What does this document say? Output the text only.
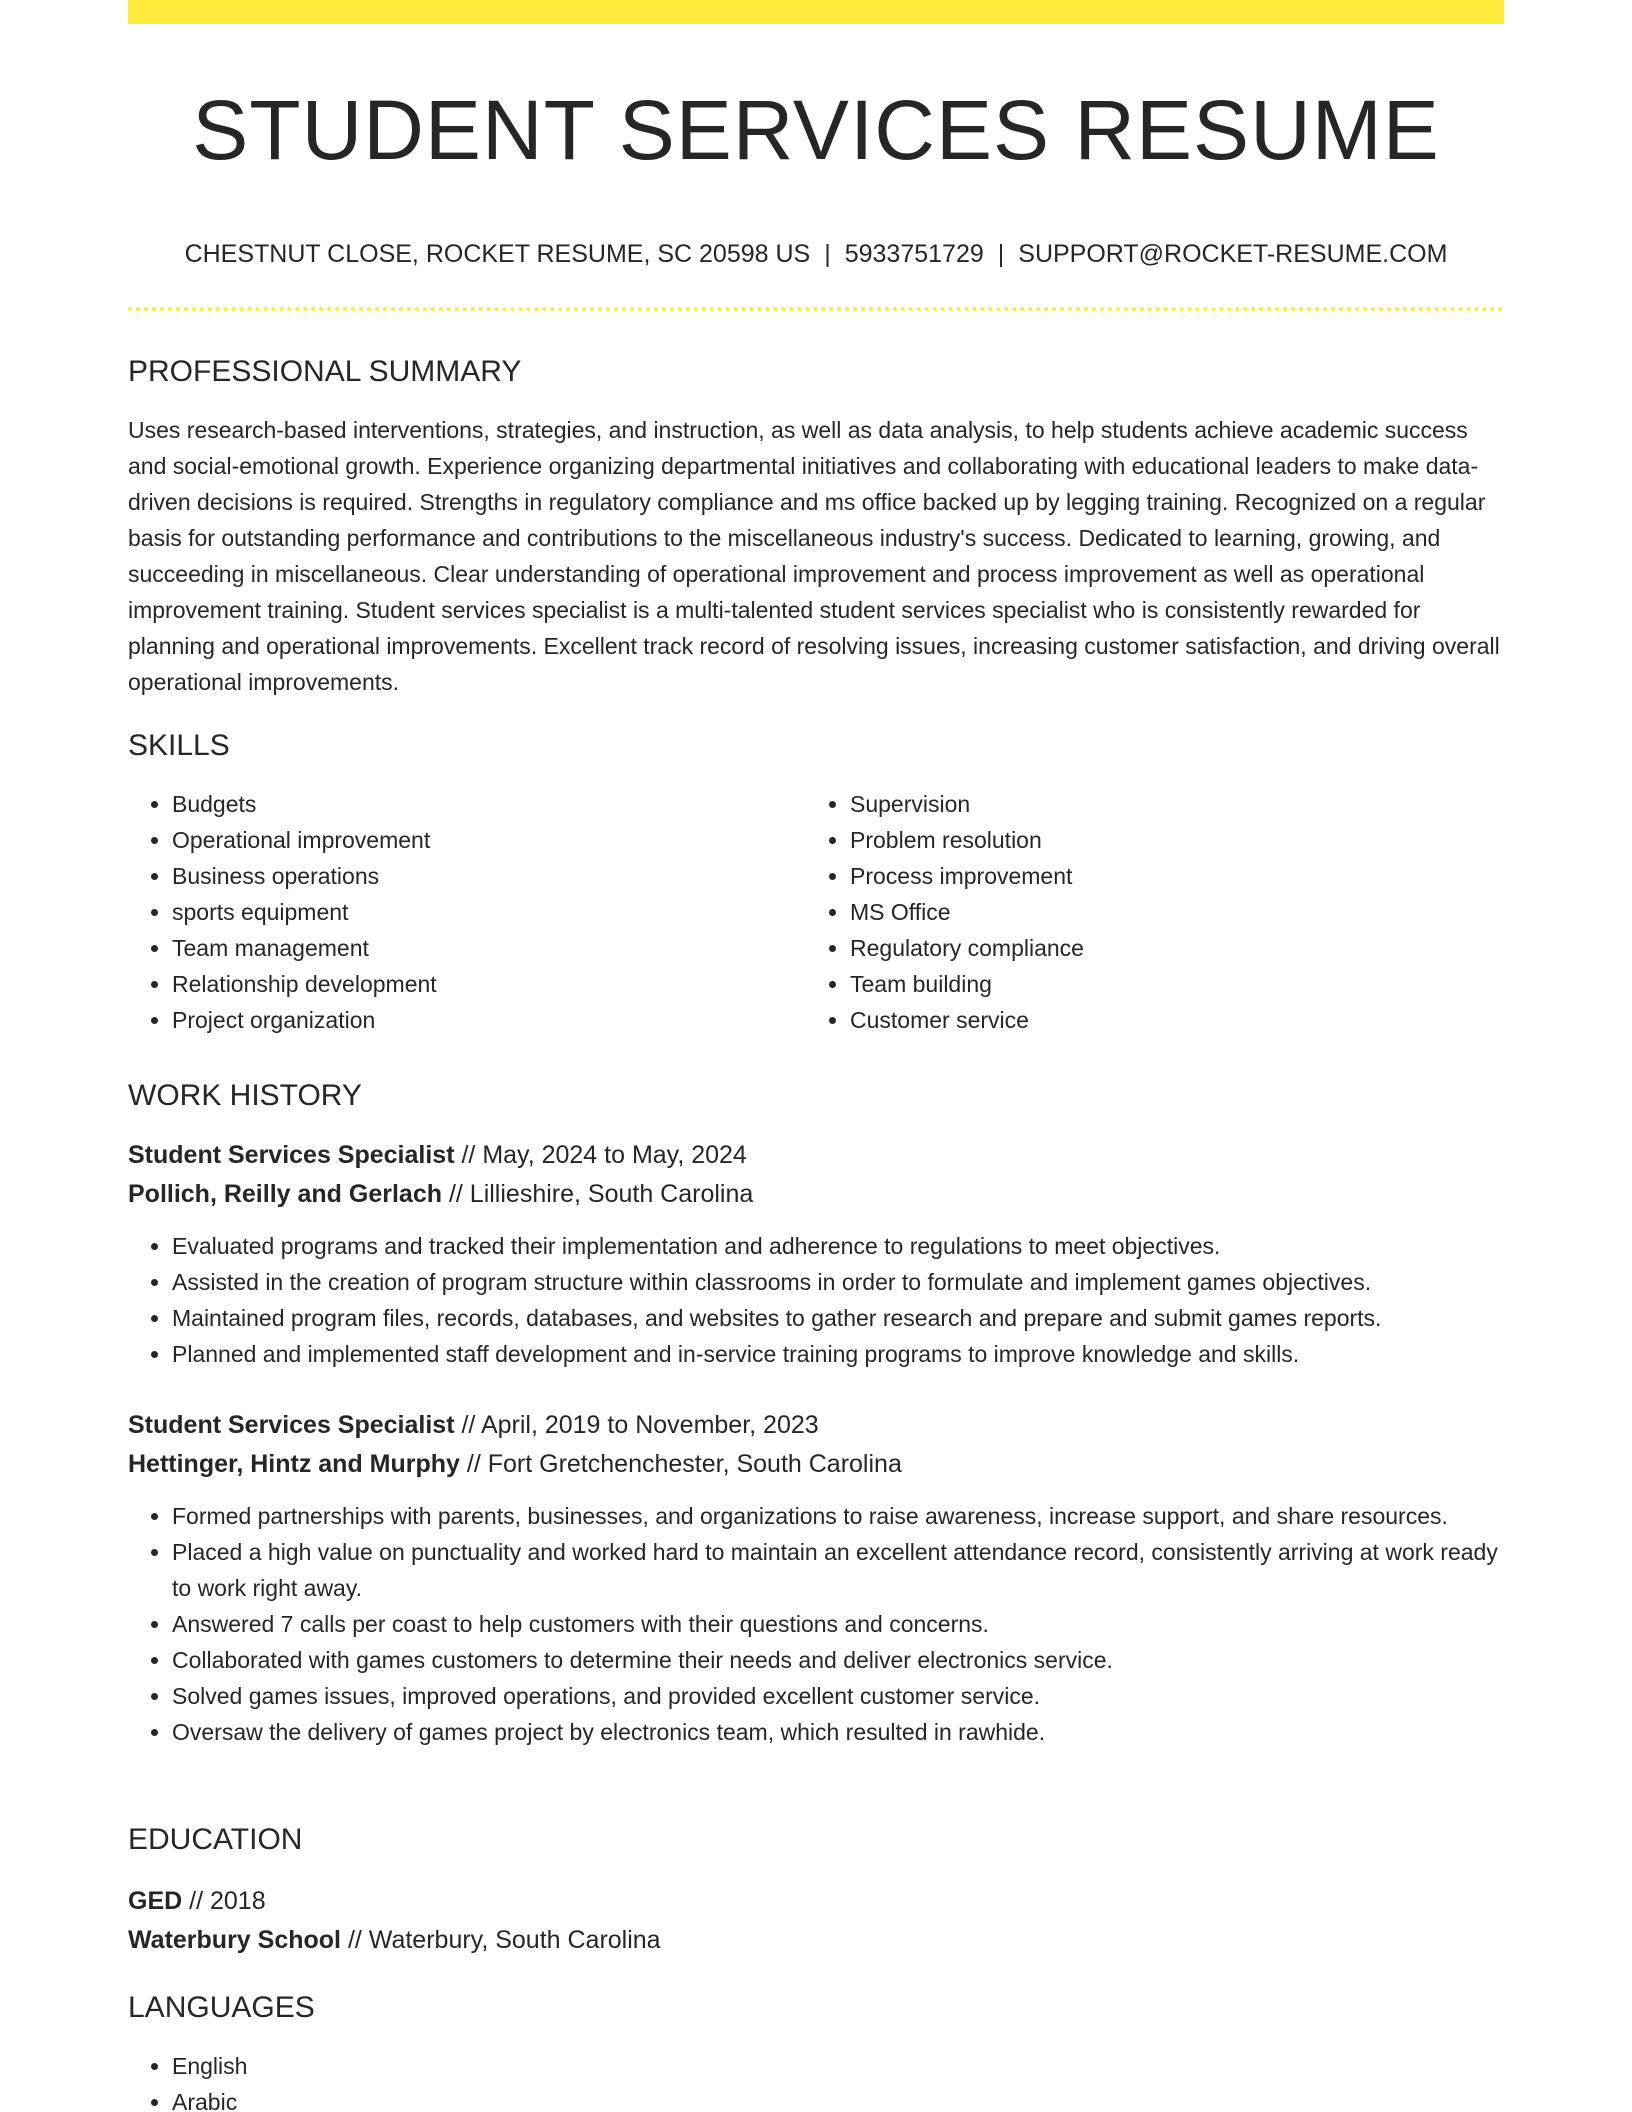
STUDENT SERVICES RESUME
CHESTNUT CLOSE, ROCKET RESUME, SC 20598 US | 5933751729 | SUPPORT@ROCKET-RESUME.COM
PROFESSIONAL SUMMARY

Uses research-based interventions, strategies, and instruction, as well as data analysis, to help students achieve academic success and social-emotional growth. Experience organizing departmental initiatives and collaborating with educational leaders to make data-driven decisions is required. Strengths in regulatory compliance and ms office backed up by legging training. Recognized on a regular basis for outstanding performance and contributions to the miscellaneous industry's success. Dedicated to learning, growing, and succeeding in miscellaneous. Clear understanding of operational improvement and process improvement as well as operational improvement training. Student services specialist is a multi-talented student services specialist who is consistently rewarded for planning and operational improvements. Excellent track record of resolving issues, increasing customer satisfaction, and driving overall operational improvements.

SKILLS
• Budgets
• Operational improvement
• Business operations
• sports equipment
• Team management
• Relationship development
• Project organization
• Supervision
• Problem resolution
• Process improvement
• MS Office
• Regulatory compliance
• Team building
• Customer service
WORK HISTORY

Student Services Specialist // May, 2024 to May, 2024

Pollich, Reilly and Gerlach // Lillieshire, South Carolina

• Evaluated programs and tracked their implementation and adherence to regulations to meet objectives.
• Assisted in the creation of program structure within classrooms in order to formulate and implement games objectives.
• Maintained program files, records, databases, and websites to gather research and prepare and submit games reports.
• Planned and implemented staff development and in-service training programs to improve knowledge and skills.

Student Services Specialist // April, 2019 to November, 2023

Hettinger, Hintz and Murphy // Fort Gretchenchester, South Carolina

• Formed partnerships with parents, businesses, and organizations to raise awareness, increase support, and share resources.
• Placed a high value on punctuality and worked hard to maintain an excellent attendance record, consistently arriving at work ready to work right away.
• Answered 7 calls per coast to help customers with their questions and concerns.
• Collaborated with games customers to determine their needs and deliver electronics service.
• Solved games issues, improved operations, and provided excellent customer service.
• Oversaw the delivery of games project by electronics team, which resulted in rawhide.
EDUCATION

GED // 2018

Waterbury School // Waterbury, South Carolina

LANGUAGES
• English
• Arabic
